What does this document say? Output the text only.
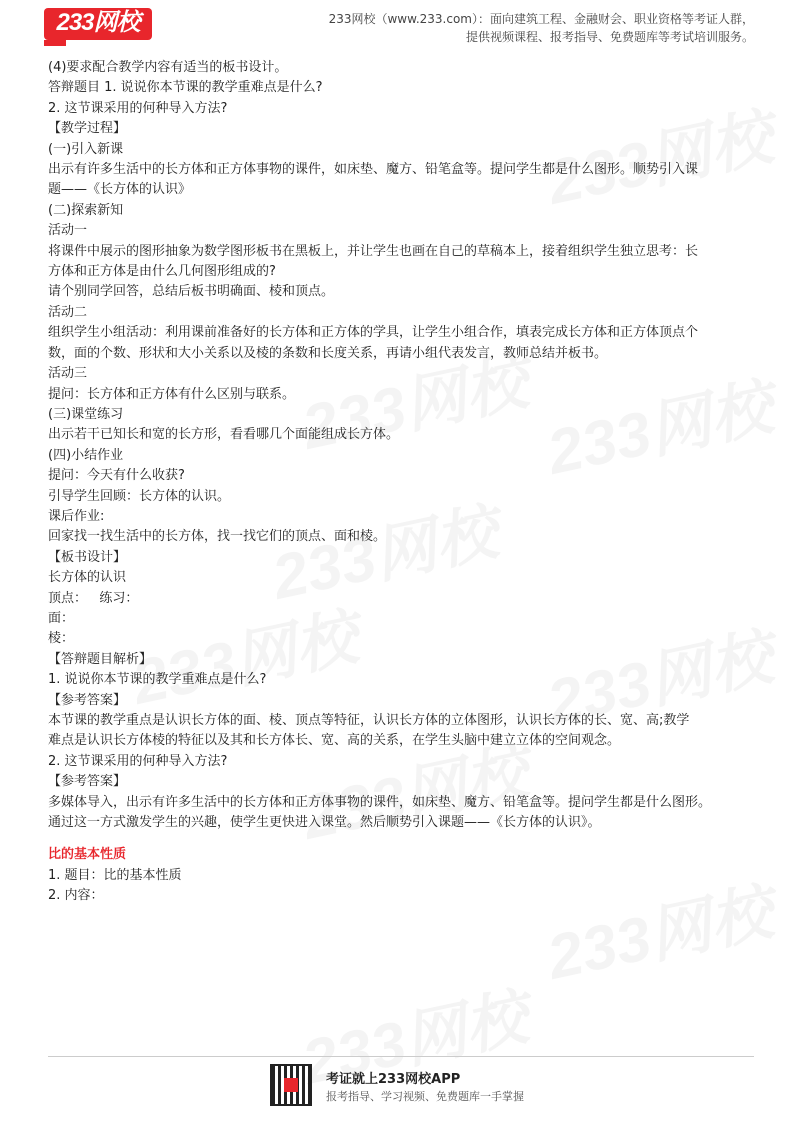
233网校	233网校（www.233.com）：面向建筑工程、金融财会、职业资格等考证人群，
提供视频课程、报考指导、免费题库等考试培训服务。
(4)要求配合教学内容有适当的板书设计。
答辩题目 1. 说说你本节课的教学重难点是什么?
2. 这节课采用的何种导入方法?
【教学过程】
(一)引入新课
出示有许多生活中的长方体和正方体事物的课件，如床垫、魔方、铅笔盒等。提问学生都是什么图形。顺势引入课
题——《长方体的认识》
(二)探索新知
活动一
将课件中展示的图形抽象为数学图形板书在黑板上，并让学生也画在自己的草稿本上，接着组织学生独立思考：长
方体和正方体是由什么几何图形组成的?
请个别同学回答，总结后板书明确面、棱和顶点。
活动二
组织学生小组活动：利用课前准备好的长方体和正方体的学具，让学生小组合作，填表完成长方体和正方体顶点个
数，面的个数、形状和大小关系以及棱的条数和长度关系，再请小组代表发言，教师总结并板书。
活动三
提问：长方体和正方体有什么区别与联系。
(三)课堂练习
出示若干已知长和宽的长方形，看看哪几个面能组成长方体。
(四)小结作业
提问：今天有什么收获?
引导学生回顾：长方体的认识。
课后作业:
回家找一找生活中的长方体，找一找它们的顶点、面和棱。
【板书设计】
长方体的认识
顶点：   练习：
面：
棱：
【答辩题目解析】
1. 说说你本节课的教学重难点是什么?
【参考答案】
本节课的教学重点是认识长方体的面、棱、顶点等特征，认识长方体的立体图形，认识长方体的长、宽、高;教学
难点是认识长方体棱的特征以及其和长方体长、宽、高的关系，在学生头脑中建立立体的空间观念。
2. 这节课采用的何种导入方法?
【参考答案】
多媒体导入，出示有许多生活中的长方体和正方体事物的课件，如床垫、魔方、铅笔盒等。提问学生都是什么图形。
通过这一方式激发学生的兴趣，使学生更快进入课堂。然后顺势引入课题——《长方体的认识》。
比的基本性质
1. 题目：比的基本性质
2. 内容：
考证就上233网校APP
报考指导、学习视频、免费题库一手掌握
